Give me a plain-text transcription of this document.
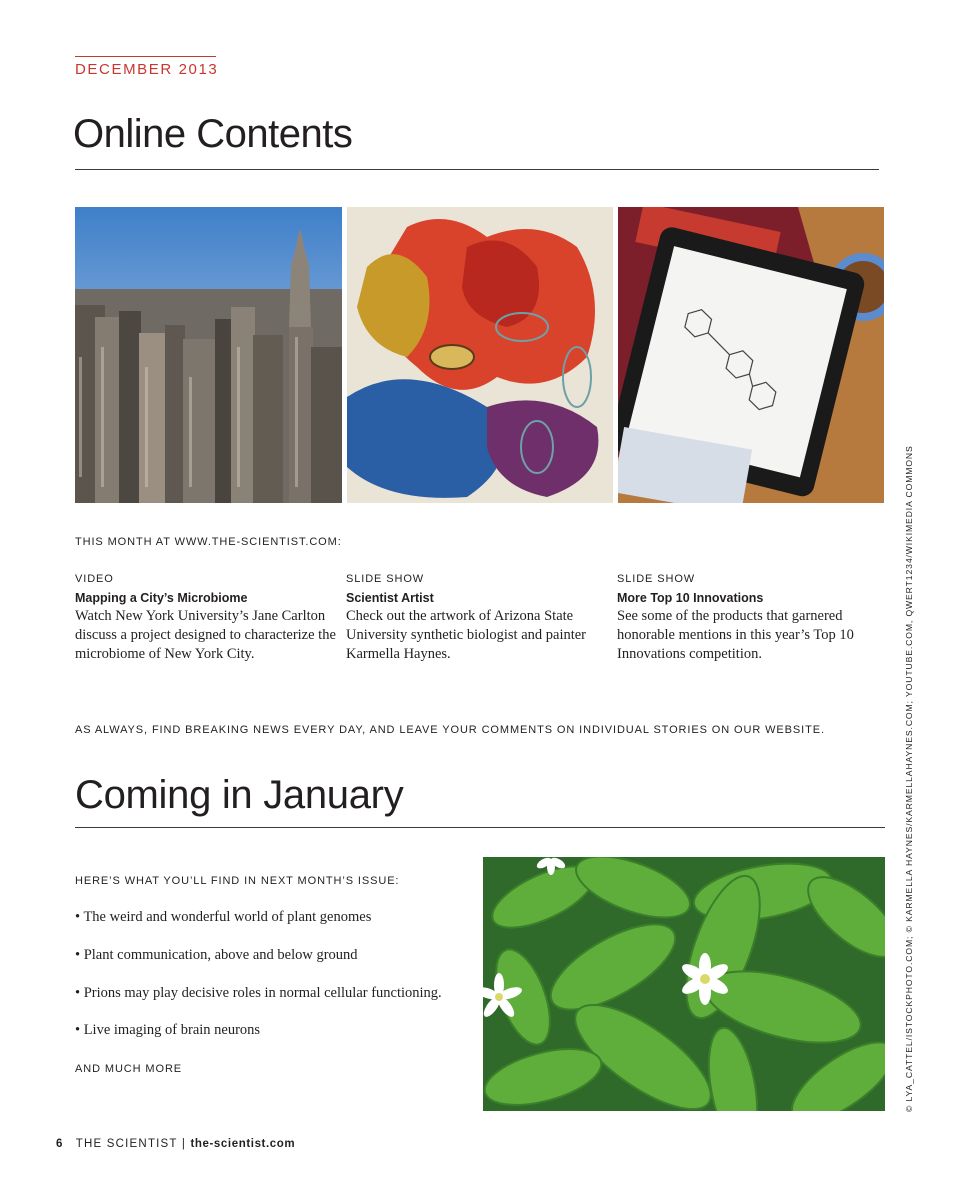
DECEMBER 2013
Online Contents
THIS MONTH AT WWW.THE-SCIENTIST.COM:
VIDEO
Mapping a City’s Microbiome
Watch New York University’s Jane Carlton discuss a project designed to characterize the microbiome of New York City.
SLIDE SHOW
Scientist Artist
Check out the artwork of Arizona State University synthetic biologist and painter Karmella Haynes.
SLIDE SHOW
More Top 10 Innovations
See some of the products that garnered honorable mentions in this year’s Top 10 Innovations competition.
AS ALWAYS, FIND BREAKING NEWS EVERY DAY, AND LEAVE YOUR COMMENTS ON INDIVIDUAL STORIES ON OUR WEBSITE.
Coming in January
HERE’S WHAT YOU’LL FIND IN NEXT MONTH’S ISSUE:
• The weird and wonderful world of plant genomes
• Plant communication, above and below ground
• Prions may play decisive roles in normal cellular functioning.
• Live imaging of brain neurons
AND MUCH MORE	© LYA_CATTEL/ISTOCKPHOTO.COM; © KARMELLA HAYNES/KARMELLAHAYNES.COM; YOUTUBE.COM, QWERT1234/WIKIMEDIA COMMONS
6 THE SCIENTIST | the-scientist.com
